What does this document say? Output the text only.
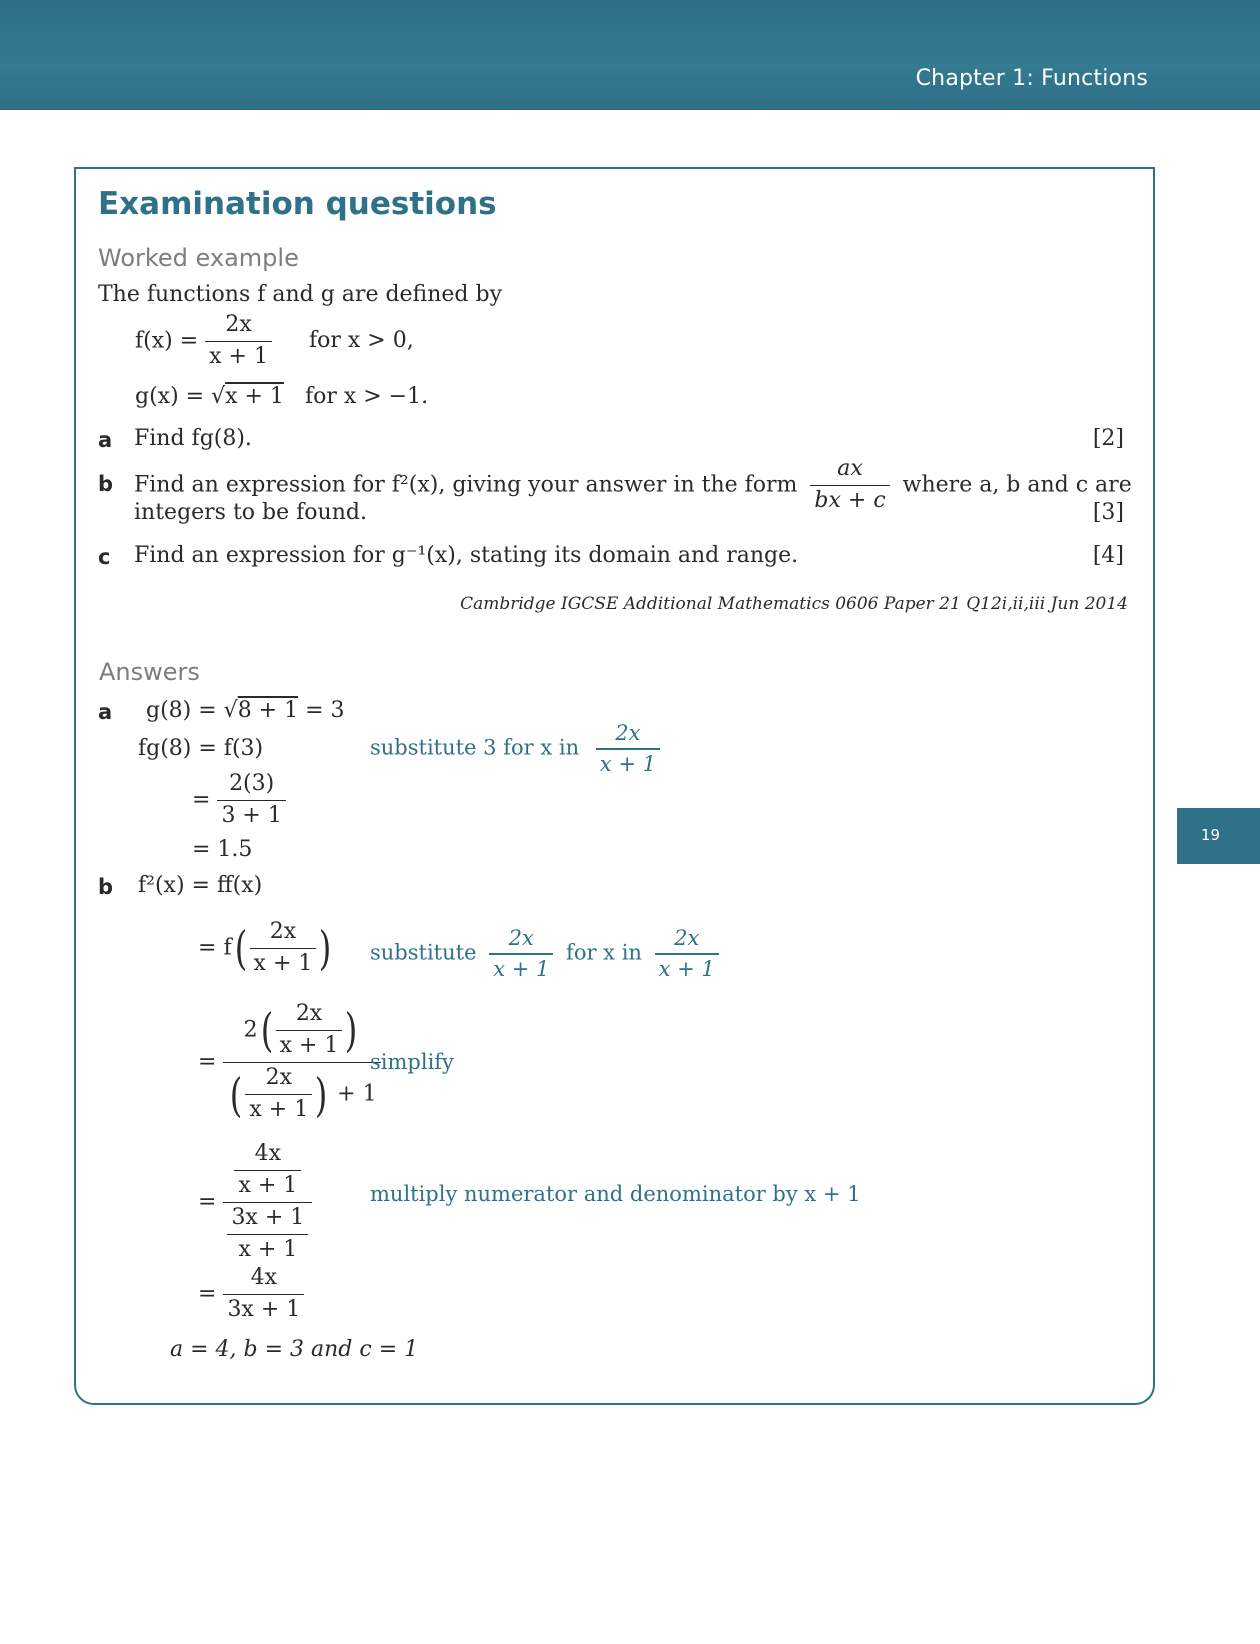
Chapter 1: Functions
19
Examination questions
Worked example
The functions f and g are defined by
$f(x) = \frac{2x}{x + 1}$ for x > 0,
g(x) = √x + 1 for x > −1.
a Find fg(8).	[2]
b Find an expression for f²(x), giving your answer in the form $\frac{ax}{bx + c}$ where a, b and c are
integers to be found.	[3]
c Find an expression for g⁻¹(x), stating its domain and range.	[4]
Cambridge IGCSE Additional Mathematics 0606 Paper 21 Q12i,ii,iii Jun 2014
Answers
a g(8) = √8 + 1 = 3
fg(8) = f(3)	substitute 3 for x in $\frac{2x}{x + 1}$
= $\frac{2(3)}{3 + 1}$
= 1.5
b f²(x) = ff(x)
= $f( \frac{2x}{x + 1}$ ) substitute $\frac{2x}{x + 1}$ for x in $\frac{2x}{x + 1}$
= $\frac{2( \frac{2x}{x + 1} )}{( \frac{2x}{x + 1} ) + 1}$
simplify
= $\frac{\frac{4x}{x + 1}}{\frac{3x + 1}{x + 1}}$	multiply numerator and denominator by x + 1
= $\frac{4x}{3x + 1}$
a = 4, b = 3 and c = 1
